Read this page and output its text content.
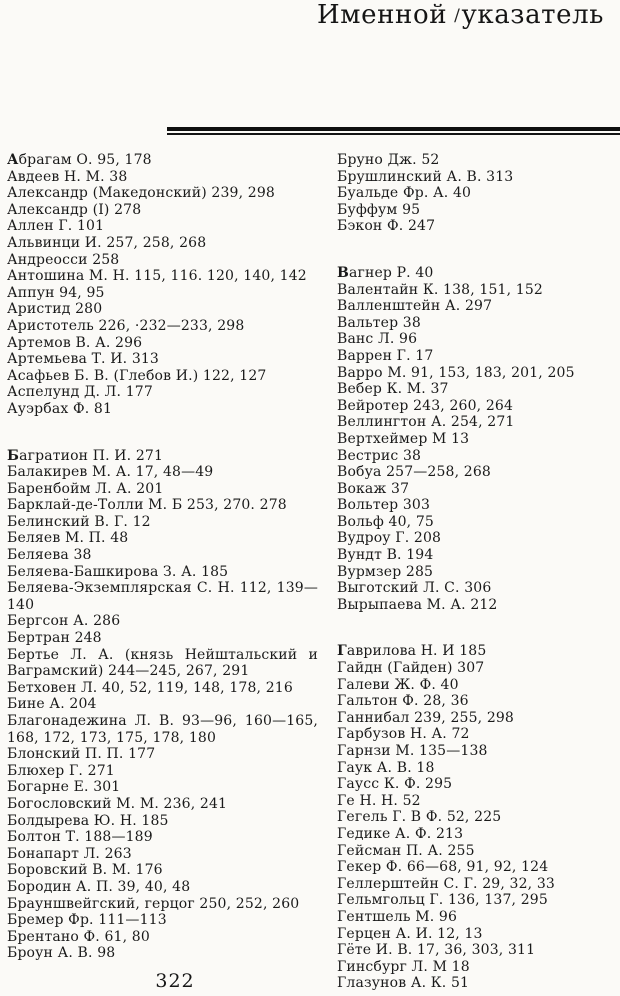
Именной /указатель

Абрагам О. 95, 178

Авдеев Н. М. 38

Александр (Македонский) 239, 298

Александр (I) 278

Аллен Г. 101

Альвинци И. 257, 258, 268

Андреосси 258

Антошина М. Н. 115, 116. 120, 140, 142

Аппун 94, 95

Аристид 280

Аристотель 226, ·232—233, 298

Артемов В. А. 296

Артемьева Т. И. 313

Асафьев Б. В. (Глебов И.) 122, 127

Аспелунд Д. Л. 177

Ауэрбах Ф. 81

Багратион П. И. 271

Балакирев М. А. 17, 48—49

Баренбойм Л. А. 201

Барклай-де-Толли М. Б 253, 270. 278

Белинский В. Г. 12

Беляев М. П. 48

Беляева 38

Беляева-Башкирова З. А. 185

Беляева-Экземплярская С. Н. 112, 139—140

Бергсон А. 286

Бертран 248

Бертье Л. А. (князь Нейштальский и Ваграмский) 244—245, 267, 291

Бетховен Л. 40, 52, 119, 148, 178, 216

Бине А. 204

Благонадежина Л. В. 93—96, 160—165, 168, 172, 173, 175, 178, 180

Блонский П. П. 177

Блюхер Г. 271

Богарне Е. 301

Богословский М. М. 236, 241

Болдырева Ю. Н. 185

Болтон Т. 188—189

Бонапарт Л. 263

Боровский В. М. 176

Бородин А. П. 39, 40, 48

Брауншвейгский, герцог 250, 252, 260

Бремер Фр. 111—113

Брентано Ф. 61, 80

Броун А. В. 98

Бруно Дж. 52

Брушлинский А. В. 313

Буальде Фр. А. 40

Буффум 95

Бэкон Ф. 247

Вагнер Р. 40

Валентайн К. 138, 151, 152

Валленштейн А. 297

Вальтер 38

Ванс Л. 96

Варрен Г. 17

Варро М. 91, 153, 183, 201, 205

Вебер К. М. 37

Вейротер 243, 260, 264

Веллингтон А. 254, 271

Вертхеймер М 13

Вестрис 38

Вобуа 257—258, 268

Вокаж 37

Вольтер 303

Вольф 40, 75

Вудроу Г. 208

Вундт В. 194

Вурмзер 285

Выготский Л. С. 306

Вырыпаева М. А. 212

Гаврилова Н. И 185

Гайдн (Гайден) 307

Галеви Ж. Ф. 40

Гальтон Ф. 28, 36

Ганнибал 239, 255, 298

Гарбузов Н. А. 72

Гарнзи М. 135—138

Гаук А. В. 18

Гаусс К. Ф. 295

Ге Н. Н. 52

Гегель Г. В Ф. 52, 225

Гедике А. Ф. 213

Гейсман П. А. 255

Гекер Ф. 66—68, 91, 92, 124

Геллерштейн С. Г. 29, 32, 33

Гельмгольц Г. 136, 137, 295

Гентшель М. 96

Герцен А. И. 12, 13

Гёте И. В. 17, 36, 303, 311

Гинсбург Л. М 18

Глазунов А. К. 51

322
